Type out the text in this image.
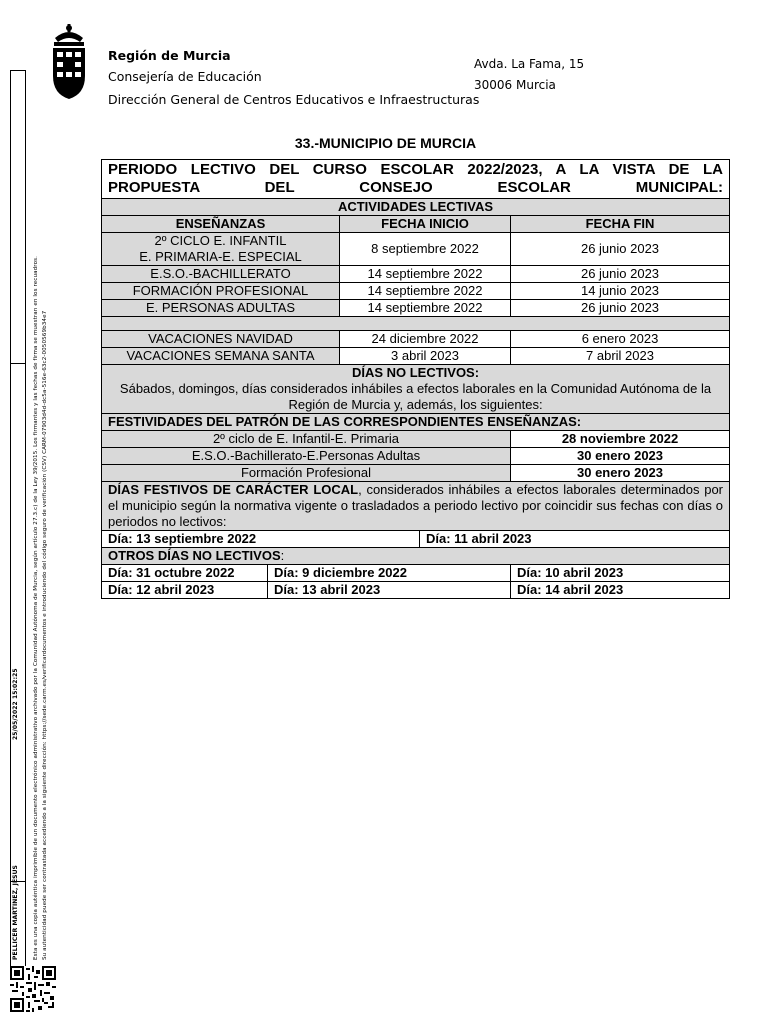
Región de Murcia
Consejería de Educación
Dirección General de Centros Educativos e Infraestructuras
Avda. La Fama, 15
30006 Murcia
33.-MUNICIPIO DE MURCIA
PERIODO LECTIVO DEL CURSO ESCOLAR 2022/2023, A LA VISTA DE LA PROPUESTA DEL CONSEJO ESCOLAR MUNICIPAL:				
ACTIVIDADES LECTIVAS				
ENSEÑANZAS		FECHA INICIO		FECHA FIN

2º CICLO E. INFANTIL
E. PRIMARIA-E. ESPECIAL		8 septiembre 2022		26 junio 2023
E.S.O.-BACHILLERATO		14 septiembre 2022		26 junio 2023
FORMACIÓN PROFESIONAL		14 septiembre 2022		14 junio 2023
E. PERSONAS ADULTAS		14 septiembre 2022		26 junio 2023

VACACIONES NAVIDAD		24 diciembre 2022		6 enero 2023
VACACIONES SEMANA SANTA		3 abril 2023		7 abril 2023

DÍAS NO LECTIVOS:
Sábados, domingos, días considerados inhábiles a efectos laborales en la Comunidad Autónoma de la Región de Murcia y, además, los siguientes:				

FESTIVIDADES DEL PATRÓN DE LAS CORRESPONDIENTES ENSEÑANZAS:				
2º ciclo de E. Infantil-E. Primaria				28 noviembre 2022
E.S.O.-Bachillerato-E.Personas Adultas				30 enero 2023
Formación Profesional				30 enero 2023
DÍAS FESTIVOS DE CARÁCTER LOCAL, considerados inhábiles a efectos laborales determinados por el municipio según la normativa vigente o trasladados a periodo lectivo por coincidir sus fechas con días o periodos no lectivos:				
Día: 13 septiembre 2022			Día: 11 abril 2023	
OTROS DÍAS NO LECTIVOS:				
Día: 31 octubre 2022	Día: 9 diciembre 2022			Día: 10 abril 2023
Día: 12 abril 2023	Día: 13 abril 2023			Día: 14 abril 2023
PELLICER MARTINEZ, JESUS
25/05/2022 15:02:25	Esta es una copia auténtica imprimible de un documento electrónico administrativo archivado por la Comunidad Autónoma de Murcia, según artículo 27.3.c) de la Ley 39/2015. Los firmantes y las fechas de firma se muestran en los recuadros. Su autenticidad puede ser contrastada accediendo a la siguiente dirección: https://sede.carm.es/verificardocumentos e introduciendo del código seguro de verificación (CSV) CARM-07903d4d-dc5a-516e-63c2-0050569b34e7
